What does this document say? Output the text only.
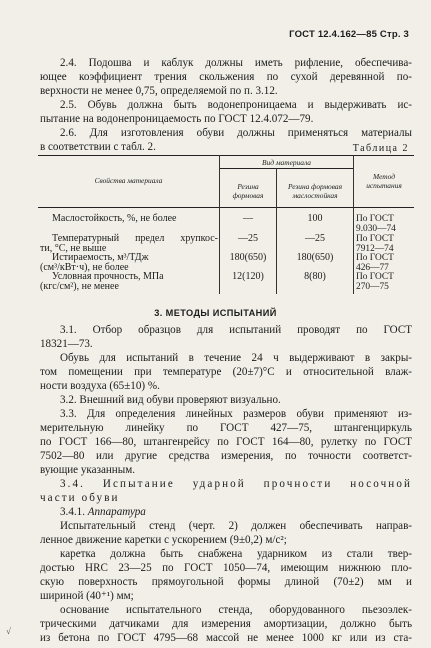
ГОСТ 12.4.162—85 Стр. 3
2.4. Подошва и каблук должны иметь рифление, обеспечива-
ющее коэффициент трения скольжения по сухой деревянной по-
верхности не менее 0,75, определяемой по п. 3.12.
2.5. Обувь должна быть водонепроницаема и выдерживать ис-
пытание на водонепроницаемость по ГОСТ 12.4.072—79.
2.6. Для изготовления обуви должны применяться материалы
в соответствии с табл. 2.	Таблица 2
Свойства материала
Вид материала
Резина
формовая
Резина формовая
маслостойкая
Метод
испытания
Маслостойкость, %, не более	—	100	По ГОСТ
9.030—74
Температурный предел хрупкос-
ти, °С, не выше
—25	—25	По ГОСТ
7912—74
Истираемость, м³/ТДж
(см³/кВт·ч), не более
180(650)	180(650)	По ГОСТ
426—77
Условная прочность, МПа
(кгс/см²), не менее
12(120)	8(80)	По ГОСТ
270—75
3. МЕТОДЫ ИСПЫТАНИЙ
3.1. Отбор образцов для испытаний проводят по ГОСТ
18321—73.
Обувь для испытаний в течение 24 ч выдерживают в закры-
том помещении при температуре (20±7)°С и относительной влаж-
ности воздуха (65±10) %.
3.2. Внешний вид обуви проверяют визуально.
3.3. Для определения линейных размеров обуви применяют из-
мерительную линейку по ГОСТ 427—75, штангенциркуль
по ГОСТ 166—80, штангенрейсу по ГОСТ 164—80, рулетку по ГОСТ
7502—80 или другие средства измерения, по точности соответст-
вующие указанным.
3.4. Испытание ударной прочности носочной
части обуви
3.4.1. Аппаратура
Испытательный стенд (черт. 2) должен обеспечивать направ-
ленное движение каретки с ускорением (9±0,2) м/с²;
каретка должна быть снабжена ударником из стали твер-
достью HRC 23—25 по ГОСТ 1050—74, имеющим нижнюю пло-
скую поверхность прямоугольной формы длиной (70±2) мм и
шириной (40⁺¹) мм;
основание испытательного стенда, оборудованного пьезоэлек-
трическими датчиками для измерения амортизации, должно быть
из бетона по ГОСТ 4795—68 массой не менее 1000 кг или из ста-
√
